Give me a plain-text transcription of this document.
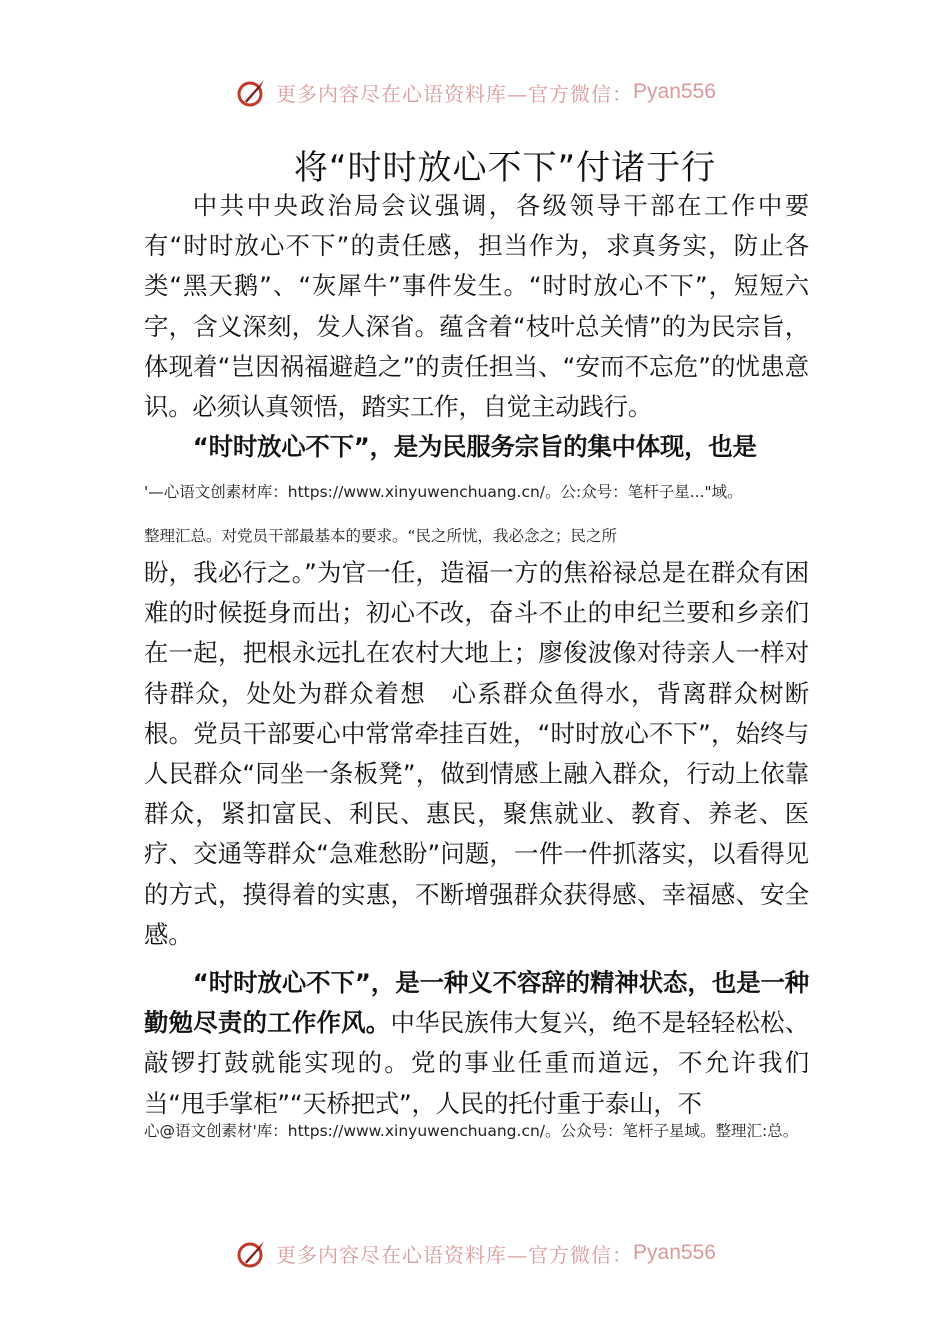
更多内容尽在心语资料库—官方微信： Pyan556
将“时时放心不下”付诸于行

中共中央政治局会议强调，各级领导干部在工作中要有“时时放心不下”的责任感，担当作为，求真务实，防止各类“黑天鹅”、“灰犀牛”事件发生。“时时放心不下”，短短六字，含义深刻，发人深省。蕴含着“枝叶总关情”的为民宗旨，体现着“岂因祸福避趋之”的责任担当、“安而不忘危”的忧患意识。必须认真领悟，踏实工作，自觉主动践行。

“时时放心不下”，是为民服务宗旨的集中体现，也是

'—心语文创素材库：https://www.xinyuwenchuang.cn/。公:众号：笔杆子星..."域。
整理汇总。对党员干部最基本的要求。“民之所忧，我必念之；民之所

盼，我必行之。”为官一任，造福一方的焦裕禄总是在群众有困难的时候挺身而出；初心不改，奋斗不止的申纪兰要和乡亲们在一起，把根永远扎在农村大地上；廖俊波像对待亲人一样对待群众，处处为群众着想　心系群众鱼得水，背离群众树断根。党员干部要心中常常牵挂百姓，“时时放心不下”，始终与人民群众“同坐一条板凳”，做到情感上融入群众，行动上依靠群众，紧扣富民、利民、惠民，聚焦就业、教育、养老、医疗、交通等群众“急难愁盼”问题，一件一件抓落实，以看得见的方式，摸得着的实惠，不断增强群众获得感、幸福感、安全感。

“时时放心不下”，是一种义不容辞的精神状态，也是一种勤勉尽责的工作作风。中华民族伟大复兴，绝不是轻轻松松、敲锣打鼓就能实现的。党的事业任重而道远，不允许我们当“甩手掌柜”“天桥把式”，人民的托付重于泰山，不

心@语文创素材'库：https://www.xinyuwenchuang.cn/。公众号：笔杆子星域。整理汇:总。
更多内容尽在心语资料库—官方微信： Pyan556
